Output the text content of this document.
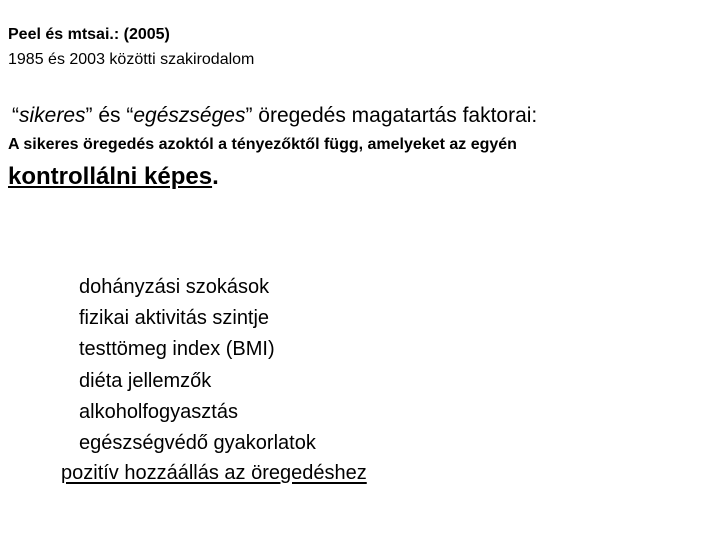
Peel és mtsai.: (2005)
1985 és 2003 közötti szakirodalom
“sikeres” és “egészséges” öregedés magatartás faktorai:
A sikeres öregedés azoktól a tényezőktől függ, amelyeket az egyén
kontrollálni képes.
dohányzási szokások
fizikai aktivitás szintje
testtömeg index (BMI)
diéta jellemzők
alkoholfogyasztás
egészségvédő gyakorlatok
pozitív hozzáállás az öregedéshez
